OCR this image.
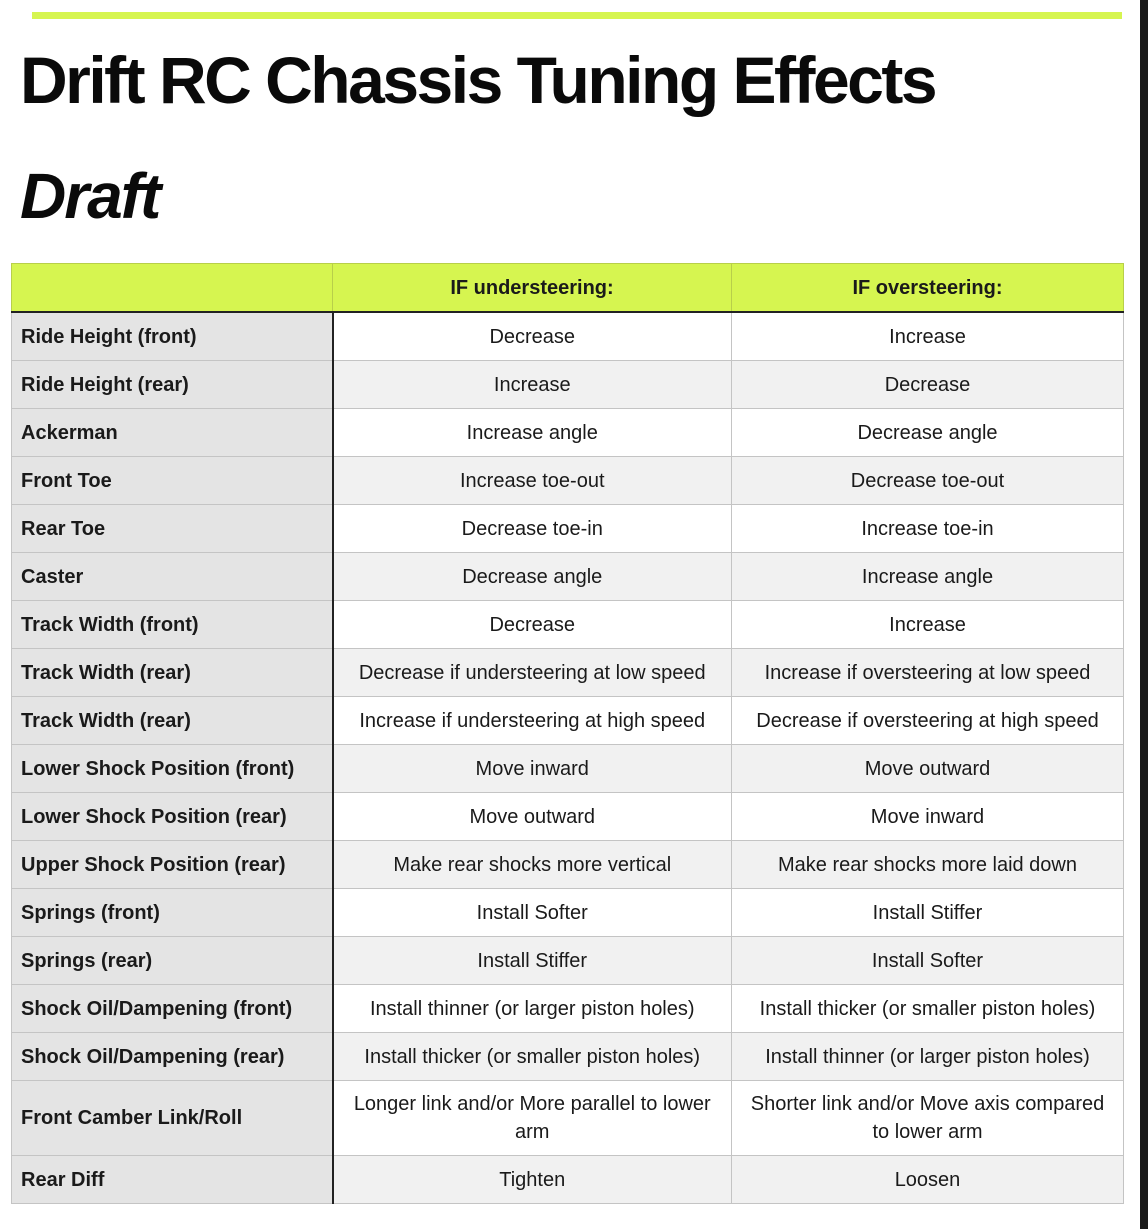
Drift RC Chassis Tuning Effects
Draft
	IF understeering:	IF oversteering:
Ride Height (front)	Decrease	Increase
Ride Height (rear)	Increase	Decrease
Ackerman	Increase angle	Decrease angle
Front Toe	Increase toe-out	Decrease toe-out
Rear Toe	Decrease toe-in	Increase toe-in
Caster	Decrease angle	Increase angle
Track Width (front)	Decrease	Increase
Track Width (rear)	Decrease if understeering at low speed	Increase if oversteering at low speed
Track Width (rear)	Increase if understeering at high speed	Decrease if oversteering at high speed
Lower Shock Position (front)	Move inward	Move outward
Lower Shock Position (rear)	Move outward	Move inward
Upper Shock Position (rear)	Make rear shocks more vertical	Make rear shocks more laid down
Springs (front)	Install Softer	Install Stiffer
Springs (rear)	Install Stiffer	Install Softer
Shock Oil/Dampening (front)	Install thinner (or larger piston holes)	Install thicker (or smaller piston holes)
Shock Oil/Dampening (rear)	Install thicker (or smaller piston holes)	Install thinner (or larger piston holes)
Front Camber Link/Roll	Longer link and/or More parallel to lower arm	Shorter link and/or Move axis compared to lower arm
Rear Diff	Tighten	Loosen
